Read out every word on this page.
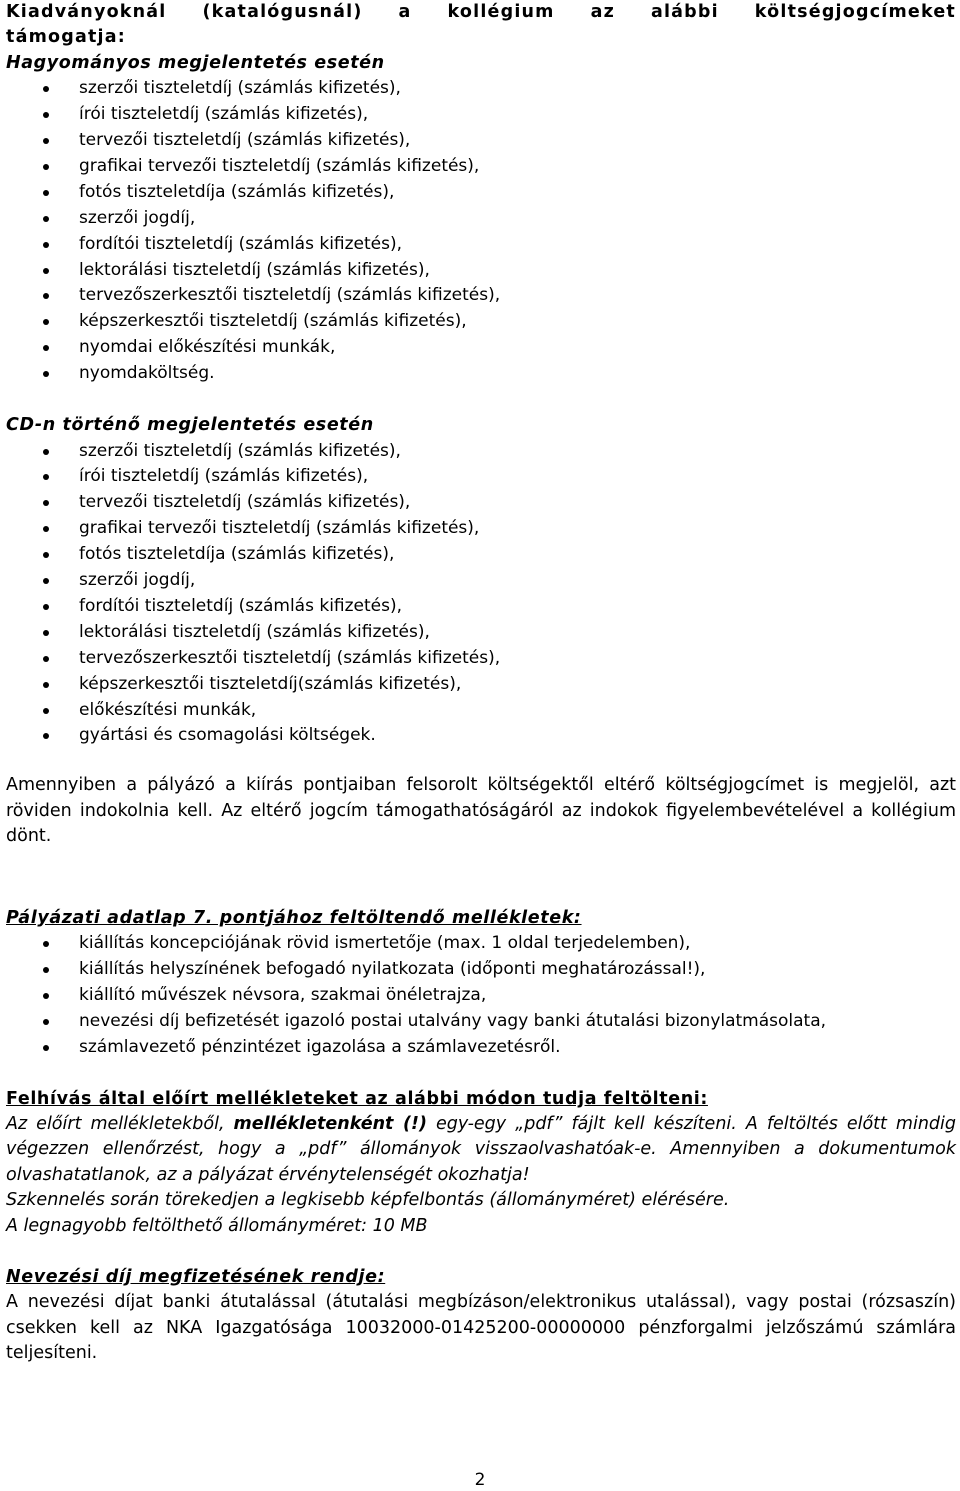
Kiadványoknál (katalógusnál) a kollégium az alábbi költségjogcímeket

támogatja:

Hagyományos megjelentetés esetén

szerzői tiszteletdíj (számlás kifizetés),
írói tiszteletdíj (számlás kifizetés),
tervezői tiszteletdíj (számlás kifizetés),
grafikai tervezői tiszteletdíj (számlás kifizetés),
fotós tiszteletdíja (számlás kifizetés),
szerzői jogdíj,
fordítói tiszteletdíj (számlás kifizetés),
lektorálási tiszteletdíj (számlás kifizetés),
tervezőszerkesztői tiszteletdíj (számlás kifizetés),
képszerkesztői tiszteletdíj (számlás kifizetés),
nyomdai előkészítési munkák,
nyomdaköltség.

CD-n történő megjelentetés esetén

szerzői tiszteletdíj (számlás kifizetés),
írói tiszteletdíj (számlás kifizetés),
tervezői tiszteletdíj (számlás kifizetés),
grafikai tervezői tiszteletdíj (számlás kifizetés),
fotós tiszteletdíja (számlás kifizetés),
szerzői jogdíj,
fordítói tiszteletdíj (számlás kifizetés),
lektorálási tiszteletdíj (számlás kifizetés),
tervezőszerkesztői tiszteletdíj (számlás kifizetés),
képszerkesztői tiszteletdíj(számlás kifizetés),
előkészítési munkák,
gyártási és csomagolási költségek.

Amennyiben a pályázó a kiírás pontjaiban felsorolt költségektől eltérő költségjogcímet is megjelöl, azt röviden indokolnia kell. Az eltérő jogcím támogathatóságáról az indokok figyelembevételével a kollégium dönt.

Pályázati adatlap 7. pontjához feltöltendő mellékletek:

kiállítás koncepciójának rövid ismertetője (max. 1 oldal terjedelemben),
kiállítás helyszínének befogadó nyilatkozata (időponti meghatározással!),
kiállító művészek névsora, szakmai önéletrajza,
nevezési díj befizetését igazoló postai utalvány vagy banki átutalási bizonylatmásolata,
számlavezető pénzintézet igazolása a számlavezetésről.

Felhívás által előírt mellékleteket az alábbi módon tudja feltölteni:

Az előírt mellékletekből, mellékletenként (!) egy-egy „pdf” fájlt kell készíteni. A feltöltés előtt mindig végezzen ellenőrzést, hogy a „pdf” állományok visszaolvashatóak-e. Amennyiben a dokumentumok olvashatatlanok, az a pályázat érvénytelenségét okozhatja!

Szkennelés során törekedjen a legkisebb képfelbontás (állományméret) elérésére.

A legnagyobb feltölthető állományméret: 10 MB

Nevezési díj megfizetésének rendje:

A nevezési díjat banki átutalással (átutalási megbízáson/elektronikus utalással), vagy postai (rózsaszín) csekken kell az NKA Igazgatósága 10032000-01425200-00000000 pénzforgalmi jelzőszámú számlára teljesíteni.

2
